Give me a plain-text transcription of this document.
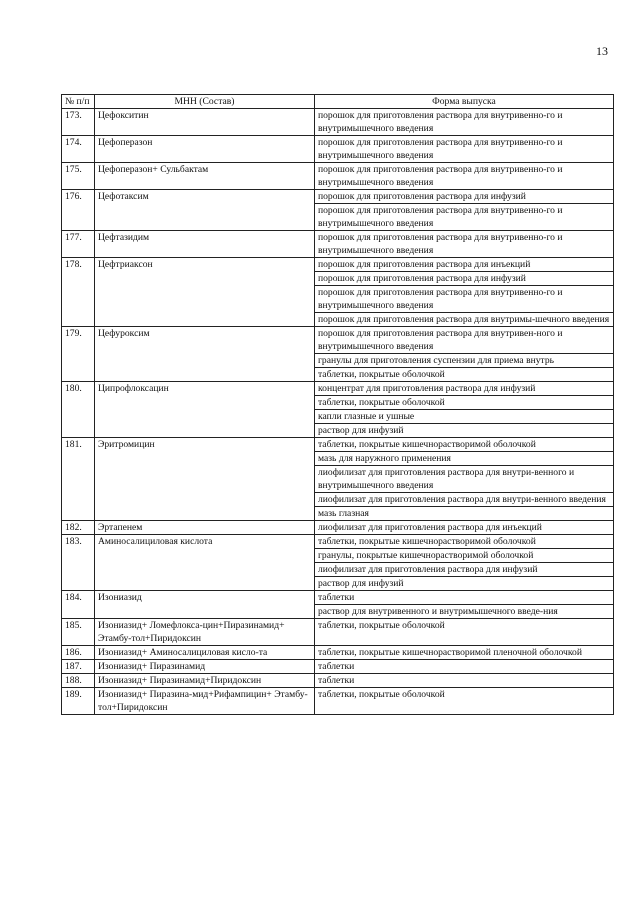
13
№ п/п	МНН (Состав)	Форма выпуска
173.	Цефокситин	порошок для приготовления раствора для внутривенно-го и внутримышечного введения

174.	Цефоперазон	порошок для приготовления раствора для внутривенно-го и внутримышечного введения

175.	Цефоперазон+ Сульбактам	порошок для приготовления раствора для внутривенно-го и внутримышечного введения

176.	Цефотаксим	порошок для приготовления раствора для инфузий
порошок для приготовления раствора для внутривенно-го и внутримышечного введения

177.	Цефтазидим	порошок для приготовления раствора для внутривенно-го и внутримышечного введения

178.	Цефтриаксон	порошок для приготовления раствора для инъекций
порошок для приготовления раствора для инфузий
порошок для приготовления раствора для внутривенно-го и внутримышечного введения
порошок для приготовления раствора для внутримы-шечного введения

179.	Цефуроксим	порошок для приготовления раствора для внутривен-ного и внутримышечного введения
гранулы для приготовления суспензии для приема внутрь
таблетки, покрытые оболочкой

180.	Ципрофлоксацин	концентрат для приготовления раствора для инфузий
таблетки, покрытые оболочкой
капли глазные и ушные
раствор для инфузий

181.	Эритромицин	таблетки, покрытые кишечнорастворимой оболочкой
мазь для наружного применения
лиофилизат для приготовления раствора для внутри-венного и внутримышечного введения
лиофилизат для приготовления раствора для внутри-венного введения
мазь глазная

182.	Эртапенем	лиофилизат для приготовления раствора для инъекций

183.	Аминосалициловая кислота	таблетки, покрытые кишечнорастворимой оболочкой
гранулы, покрытые кишечнорастворимой оболочкой
лиофилизат для приготовления раствора для инфузий
раствор для инфузий

184.	Изониазид	таблетки
раствор для внутривенного и внутримышечного введе-ния

185.	Изониазид+ Ломефлокса-цин+Пиразинамид+ Этамбу-тол+Пиридоксин	таблетки, покрытые оболочкой

186.	Изониазид+ Аминосалициловая кисло-та	таблетки, покрытые кишечнорастворимой пленочной оболочкой

187.	Изониазид+ Пиразинамид	таблетки

188.	Изониазид+ Пиразинамид+Пиридоксин	таблетки

189.	Изониазид+ Пиразина-мид+Рифампицин+ Этамбу-тол+Пиридоксин	таблетки, покрытые оболочкой
